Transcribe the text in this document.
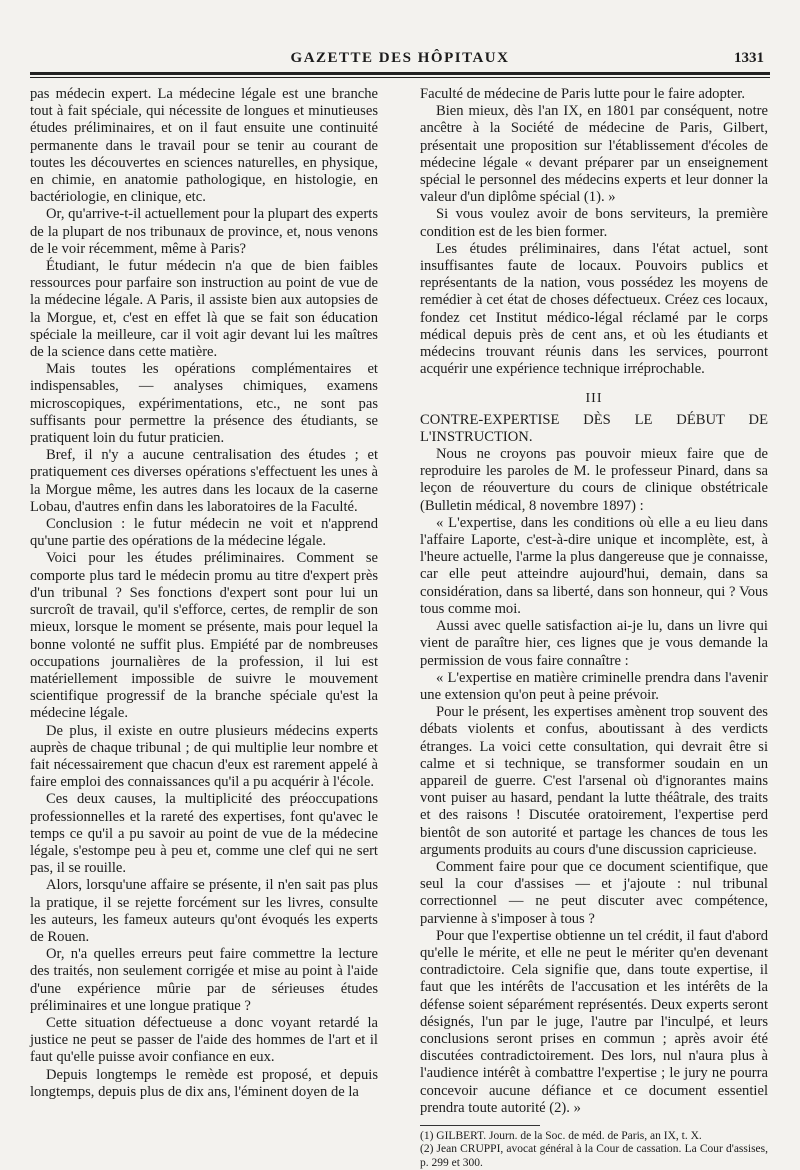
GAZETTE DES HÔPITAUX	1331

pas médecin expert. La médecine légale est une branche tout à fait spéciale, qui nécessite de longues et minutieuses études préliminaires, et on il faut ensuite une continuité permanente dans le travail pour se tenir au courant de toutes les découvertes en sciences naturelles, en physique, en chimie, en anatomie pathologique, en histologie, en bactériologie, en clinique, etc.

Or, qu'arrive-t-il actuellement pour la plupart des experts de la plupart de nos tribunaux de province, et, nous venons de le voir récemment, même à Paris?

Étudiant, le futur médecin n'a que de bien faibles ressources pour parfaire son instruction au point de vue de la médecine légale. A Paris, il assiste bien aux autopsies de la Morgue, et, c'est en effet là que se fait son éducation spéciale la meilleure, car il voit agir devant lui les maîtres de la science dans cette matière.

Mais toutes les opérations complémentaires et indispensables, — analyses chimiques, examens microscopiques, expérimentations, etc., ne sont pas suffisants pour permettre la présence des étudiants, se pratiquent loin du futur praticien.

Bref, il n'y a aucune centralisation des études ; et pratiquement ces diverses opérations s'effectuent les unes à la Morgue même, les autres dans les locaux de la caserne Lobau, d'autres enfin dans les laboratoires de la Faculté.

Conclusion : le futur médecin ne voit et n'apprend qu'une partie des opérations de la médecine légale.

Voici pour les études préliminaires. Comment se comporte plus tard le médecin promu au titre d'expert près d'un tribunal ? Ses fonctions d'expert sont pour lui un surcroît de travail, qu'il s'efforce, certes, de remplir de son mieux, lorsque le moment se présente, mais pour lequel la bonne volonté ne suffit plus. Empiété par de nombreuses occupations journalières de la profession, il lui est matériellement impossible de suivre le mouvement scientifique progressif de la branche spéciale qu'est la médecine légale.

De plus, il existe en outre plusieurs médecins experts auprès de chaque tribunal ; de qui multiplie leur nombre et fait nécessairement que chacun d'eux est rarement appelé à faire emploi des connaissances qu'il a pu acquérir à l'école.

Ces deux causes, la multiplicité des préoccupations professionnelles et la rareté des expertises, font qu'avec le temps ce qu'il a pu savoir au point de vue de la médecine légale, s'estompe peu à peu et, comme une clef qui ne sert pas, il se rouille.

Alors, lorsqu'une affaire se présente, il n'en sait pas plus la pratique, il se rejette forcément sur les livres, consulte les auteurs, les fameux auteurs qu'ont évoqués les experts de Rouen.

Or, n'a quelles erreurs peut faire commettre la lecture des traités, non seulement corrigée et mise au point à l'aide d'une expérience mûrie par de sérieuses études préliminaires et une longue pratique ?

Cette situation défectueuse a donc voyant retardé la justice ne peut se passer de l'aide des hommes de l'art et il faut qu'elle puisse avoir confiance en eux.

Depuis longtemps le remède est proposé, et depuis longtemps, depuis plus de dix ans, l'éminent doyen de la

Faculté de médecine de Paris lutte pour le faire adopter.

Bien mieux, dès l'an IX, en 1801 par conséquent, notre ancêtre à la Société de médecine de Paris, Gilbert, présentait une proposition sur l'établissement d'écoles de médecine légale « devant préparer par un enseignement spécial le personnel des médecins experts et leur donner la valeur d'un diplôme spécial (1). »

Si vous voulez avoir de bons serviteurs, la première condition est de les bien former.

Les études préliminaires, dans l'état actuel, sont insuffisantes faute de locaux. Pouvoirs publics et représentants de la nation, vous possédez les moyens de remédier à cet état de choses défectueux. Créez ces locaux, fondez cet Institut médico-légal réclamé par le corps médical depuis près de cent ans, et où les étudiants et médecins trouvant réunis dans les services, pourront acquérir une expérience technique irréprochable.

III

CONTRE-EXPERTISE DÈS LE DÉBUT DE L'INSTRUCTION.

Nous ne croyons pas pouvoir mieux faire que de reproduire les paroles de M. le professeur Pinard, dans sa leçon de réouverture du cours de clinique obstétricale (Bulletin médical, 8 novembre 1897) :

« L'expertise, dans les conditions où elle a eu lieu dans l'affaire Laporte, c'est-à-dire unique et incomplète, est, à l'heure actuelle, l'arme la plus dangereuse que je connaisse, car elle peut atteindre aujourd'hui, demain, dans sa considération, dans sa liberté, dans son honneur, qui ? Vous tous comme moi.

Aussi avec quelle satisfaction ai-je lu, dans un livre qui vient de paraître hier, ces lignes que je vous demande la permission de vous faire connaître :

« L'expertise en matière criminelle prendra dans l'avenir une extension qu'on peut à peine prévoir.

Pour le présent, les expertises amènent trop souvent des débats violents et confus, aboutissant à des verdicts étranges. La voici cette consultation, qui devrait être si calme et si technique, se transformer soudain en un appareil de guerre. C'est l'arsenal où d'ignorantes mains vont puiser au hasard, pendant la lutte théâtrale, des traits et des raisons ! Discutée oratoirement, l'expertise perd bientôt de son autorité et partage les chances de tous les arguments produits au cours d'une discussion capricieuse.

Comment faire pour que ce document scientifique, que seul la cour d'assises — et j'ajoute : nul tribunal correctionnel — ne peut discuter avec compétence, parvienne à s'imposer à tous ?

Pour que l'expertise obtienne un tel crédit, il faut d'abord qu'elle le mérite, et elle ne peut le mériter qu'en devenant contradictoire. Cela signifie que, dans toute expertise, il faut que les intérêts de l'accusation et les intérêts de la défense soient séparément représentés. Deux experts seront désignés, l'un par le juge, l'autre par l'inculpé, et leurs conclusions seront prises en commun ; après avoir été discutées contradictoirement. Des lors, nul n'aura plus à l'audience intérêt à combattre l'expertise ; le jury ne pourra concevoir aucune défiance et ce document essentiel prendra toute autorité (2). »

(1) GILBERT. Journ. de la Soc. de méd. de Paris, an IX, t. X.

(2) Jean CRUPPI, avocat général à la Cour de cassation. La Cour d'assises, p. 299 et 300.
